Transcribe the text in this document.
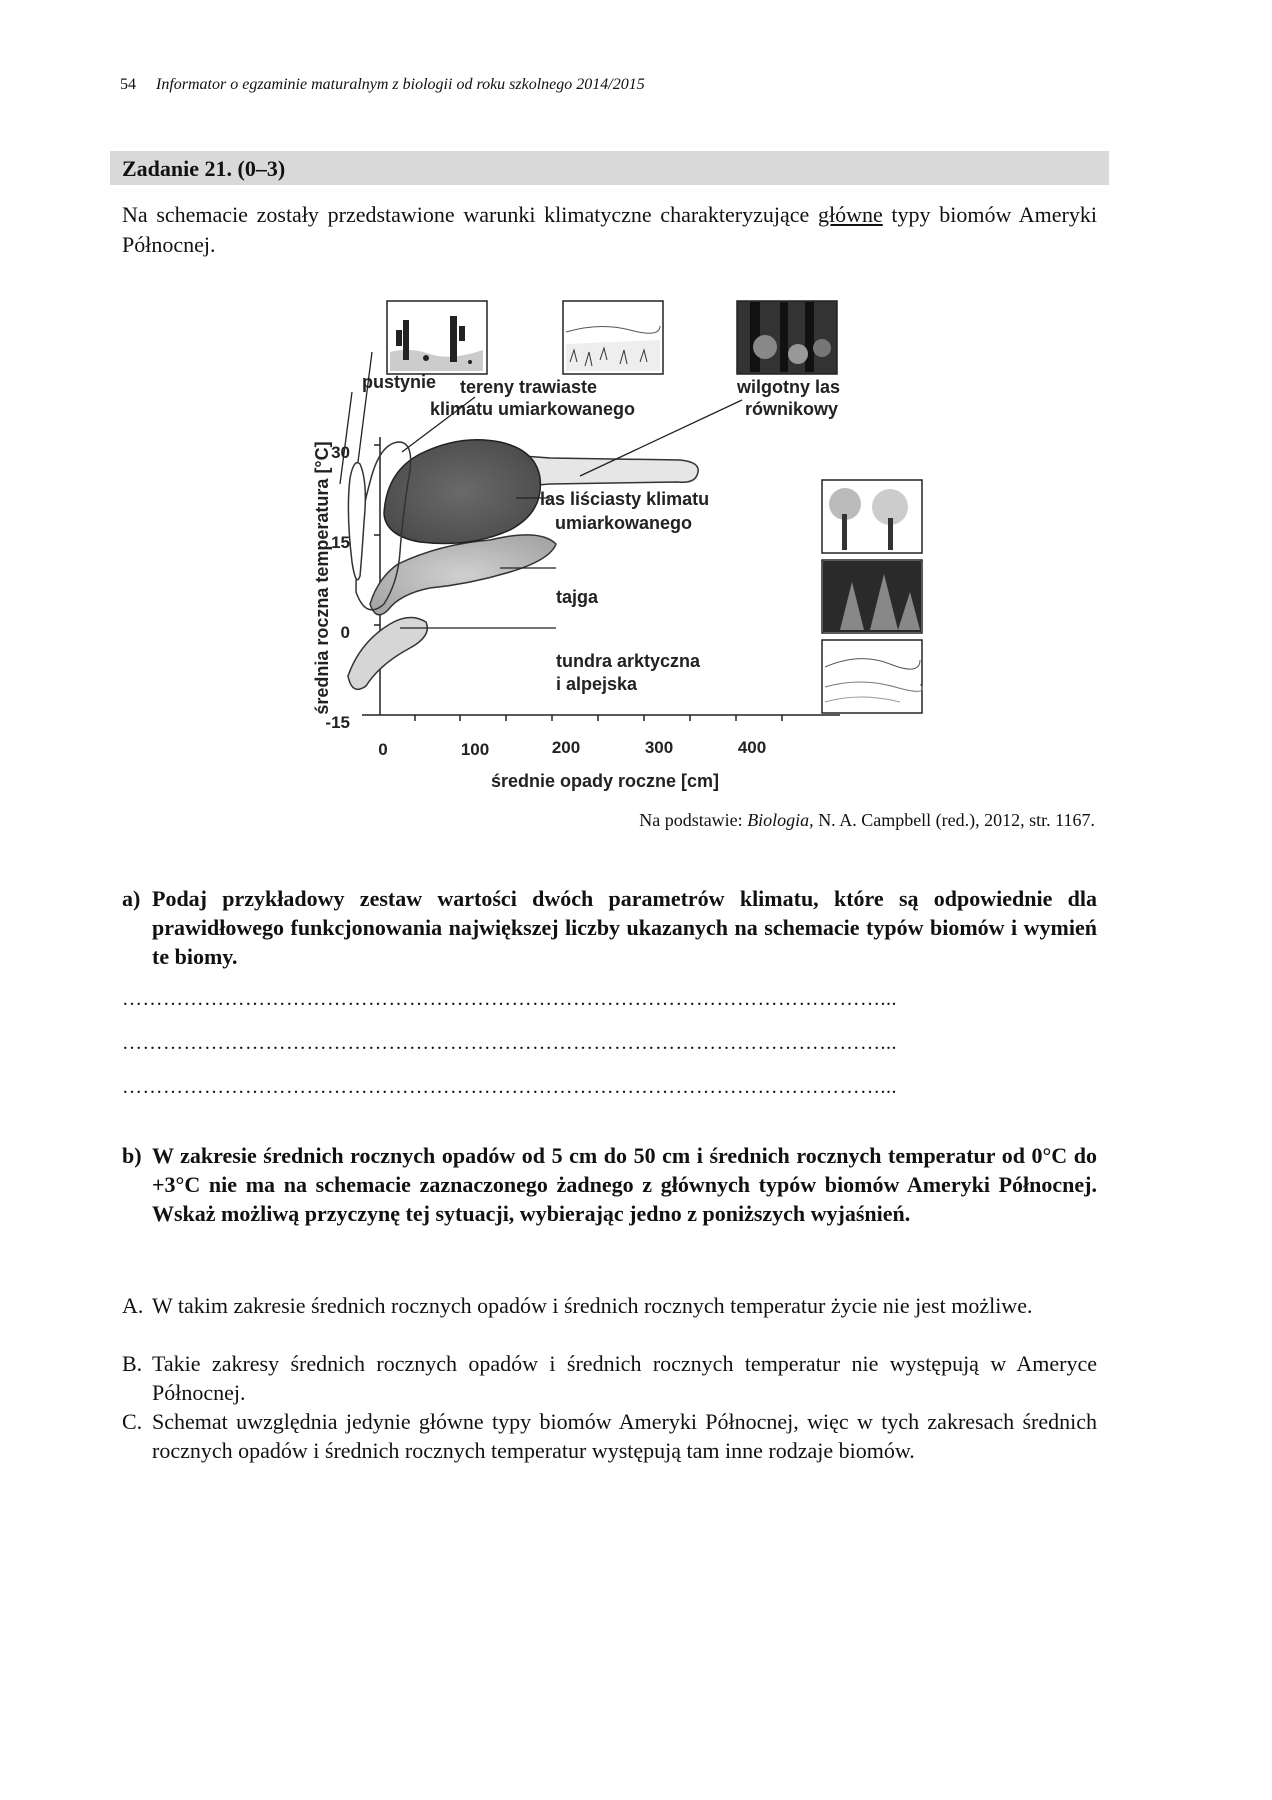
54 Informator o egzaminie maturalnym z biologii od roku szkolnego 2014/2015
Zadanie 21. (0–3)
Na schemacie zostały przedstawione warunki klimatyczne charakteryzujące główne typy biomów Ameryki Północnej.
pustynie tereny trawiaste
klimatu umiarkowanego
wilgotny las
równikowy
las liściasty klimatu
umiarkowanego
tajga
tundra arktyczna
i alpejska
30
15
0
-15
0	100	200	300	400
średnie opady roczne [cm]
średnia roczna temperatura [°C]
Na podstawie: Biologia, N. A. Campbell (red.), 2012, str. 1167.
a) Podaj przykładowy zestaw wartości dwóch parametrów klimatu, które są odpowiednie dla prawidłowego funkcjonowania największej liczby ukazanych na schemacie typów biomów i wymień te biomy.
…………………………………………………………………………………………………...
…………………………………………………………………………………………………...
…………………………………………………………………………………………………...
b) W zakresie średnich rocznych opadów od 5 cm do 50 cm i średnich rocznych temperatur od 0°C do +3°C nie ma na schemacie zaznaczonego żadnego z głównych typów biomów Ameryki Północnej. Wskaż możliwą przyczynę tej sytuacji, wybierając jedno z poniższych wyjaśnień.
A. W takim zakresie średnich rocznych opadów i średnich rocznych temperatur życie nie jest możliwe.
B. Takie zakresy średnich rocznych opadów i średnich rocznych temperatur nie występują w Ameryce Północnej.
C. Schemat uwzględnia jedynie główne typy biomów Ameryki Północnej, więc w tych zakresach średnich rocznych opadów i średnich rocznych temperatur występują tam inne rodzaje biomów.
